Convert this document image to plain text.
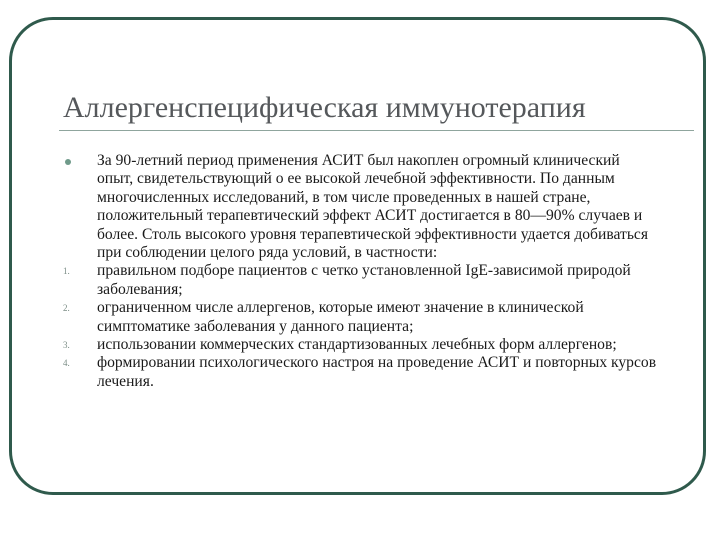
Аллергенспецифическая иммунотерапия
За 90-летний период применения АСИТ был накоплен огромный клинический опыт, свидетельствующий о ее высокой лечебной эффективности. По данным многочисленных исследований, в том числе проведенных в нашей стране, положительный терапевтический эффект АСИТ достигается в 80—90% случаев и более. Столь высокого уровня терапевтической эффективности удается добиваться при соблюдении целого ряда условий, в частности:
1.	правильном подборе пациентов с четко установленной IgE-зависимой природой заболевания;
2.	ограниченном числе аллергенов, которые имеют значение в клинической симптоматике заболевания у данного пациента;
3.	использовании коммерческих стандартизованных лечебных форм аллергенов;
4.	формировании психологического настроя на проведение АСИТ и повторных курсов лечения.
